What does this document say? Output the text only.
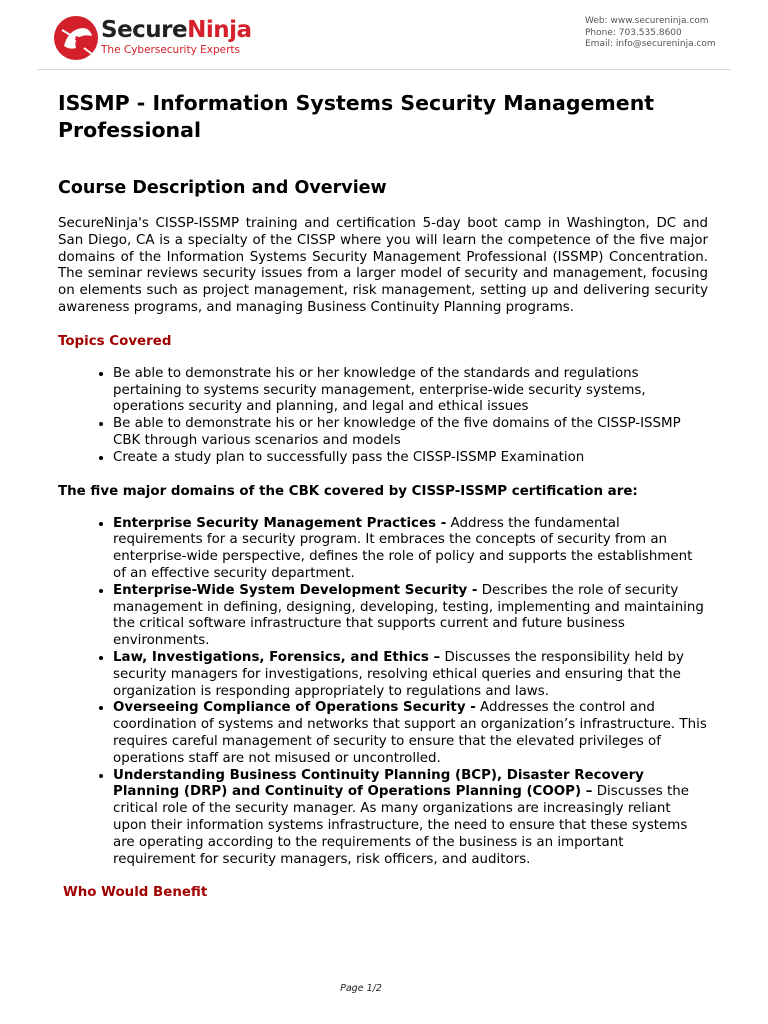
SecureNinja
The Cybersecurity Experts
Web: www.secureninja.com
Phone: 703.535.8600
Email: info@secureninja.com
ISSMP - Information Systems Security Management Professional
Course Description and Overview

SecureNinja's CISSP-ISSMP training and certification 5-day boot camp in Washington, DC and San Diego, CA is a specialty of the CISSP where you will learn the competence of the five major domains of the Information Systems Security Management Professional (ISSMP) Concentration. The seminar reviews security issues from a larger model of security and management, focusing on elements such as project management, risk management, setting up and delivering security awareness programs, and managing Business Continuity Planning programs.

Topics Covered
• Be able to demonstrate his or her knowledge of the standards and regulations pertaining to systems security management, enterprise-wide security systems, operations security and planning, and legal and ethical issues
• Be able to demonstrate his or her knowledge of the five domains of the CISSP-ISSMP CBK through various scenarios and models
• Create a study plan to successfully pass the CISSP-ISSMP Examination
The five major domains of the CBK covered by CISSP-ISSMP certification are:
• Enterprise Security Management Practices - Address the fundamental requirements for a security program. It embraces the concepts of security from an enterprise-wide perspective, defines the role of policy and supports the establishment of an effective security department.
• Enterprise-Wide System Development Security - Describes the role of security management in defining, designing, developing, testing, implementing and maintaining the critical software infrastructure that supports current and future business environments.
• Law, Investigations, Forensics, and Ethics – Discusses the responsibility held by security managers for investigations, resolving ethical queries and ensuring that the organization is responding appropriately to regulations and laws.
• Overseeing Compliance of Operations Security - Addresses the control and coordination of systems and networks that support an organization’s infrastructure. This requires careful management of security to ensure that the elevated privileges of operations staff are not misused or uncontrolled.
• Understanding Business Continuity Planning (BCP), Disaster Recovery Planning (DRP) and Continuity of Operations Planning (COOP) – Discusses the critical role of the security manager. As many organizations are increasingly reliant upon their information systems infrastructure, the need to ensure that these systems are operating according to the requirements of the business is an important requirement for security managers, risk officers, and auditors.
Who Would Benefit
Page 1/2
